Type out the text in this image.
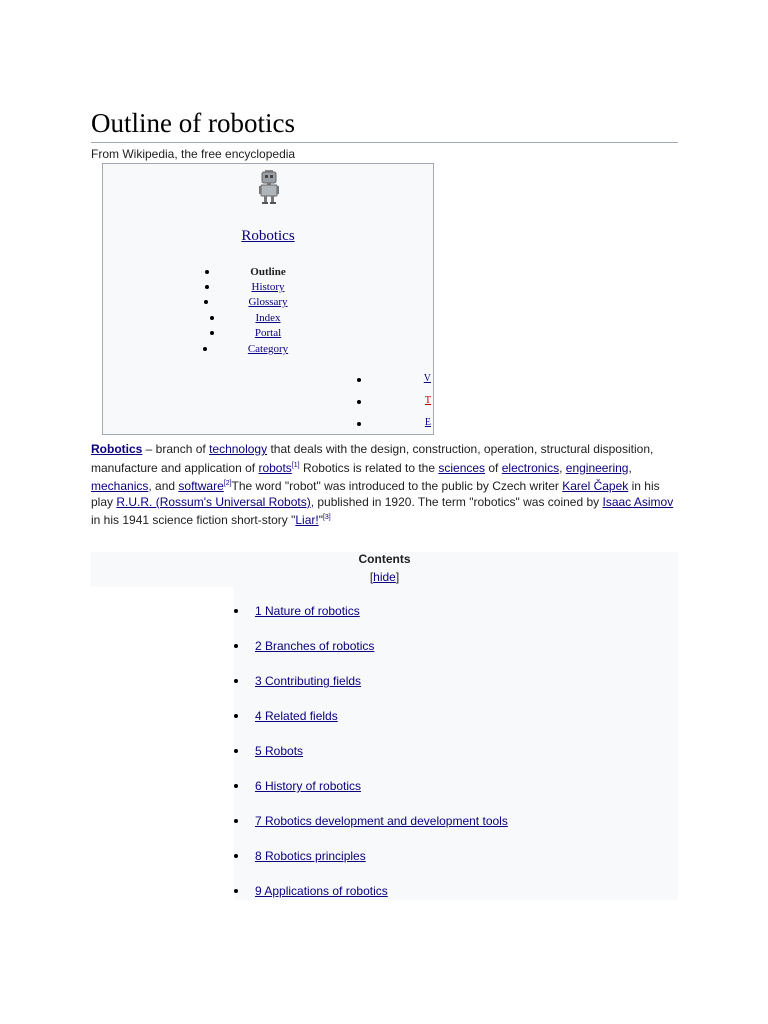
Outline of robotics
From Wikipedia, the free encyclopedia
Robotics
Outline
History
Glossary
Index
Portal
Category
V
T
E
Robotics – branch of technology that deals with the design, construction, operation, structural disposition, manufacture and application of robots[1] Robotics is related to the sciences of electronics, engineering, mechanics, and software[2]The word "robot" was introduced to the public by Czech writer Karel Čapek in his play R.U.R. (Rossum's Universal Robots), published in 1920. The term "robotics" was coined by Isaac Asimov in his 1941 science fiction short-story "Liar!"[3]
Contents
[hide]
1 Nature of robotics
2 Branches of robotics
3 Contributing fields
4 Related fields
5 Robots
6 History of robotics
7 Robotics development and development tools
8 Robotics principles
9 Applications of robotics
